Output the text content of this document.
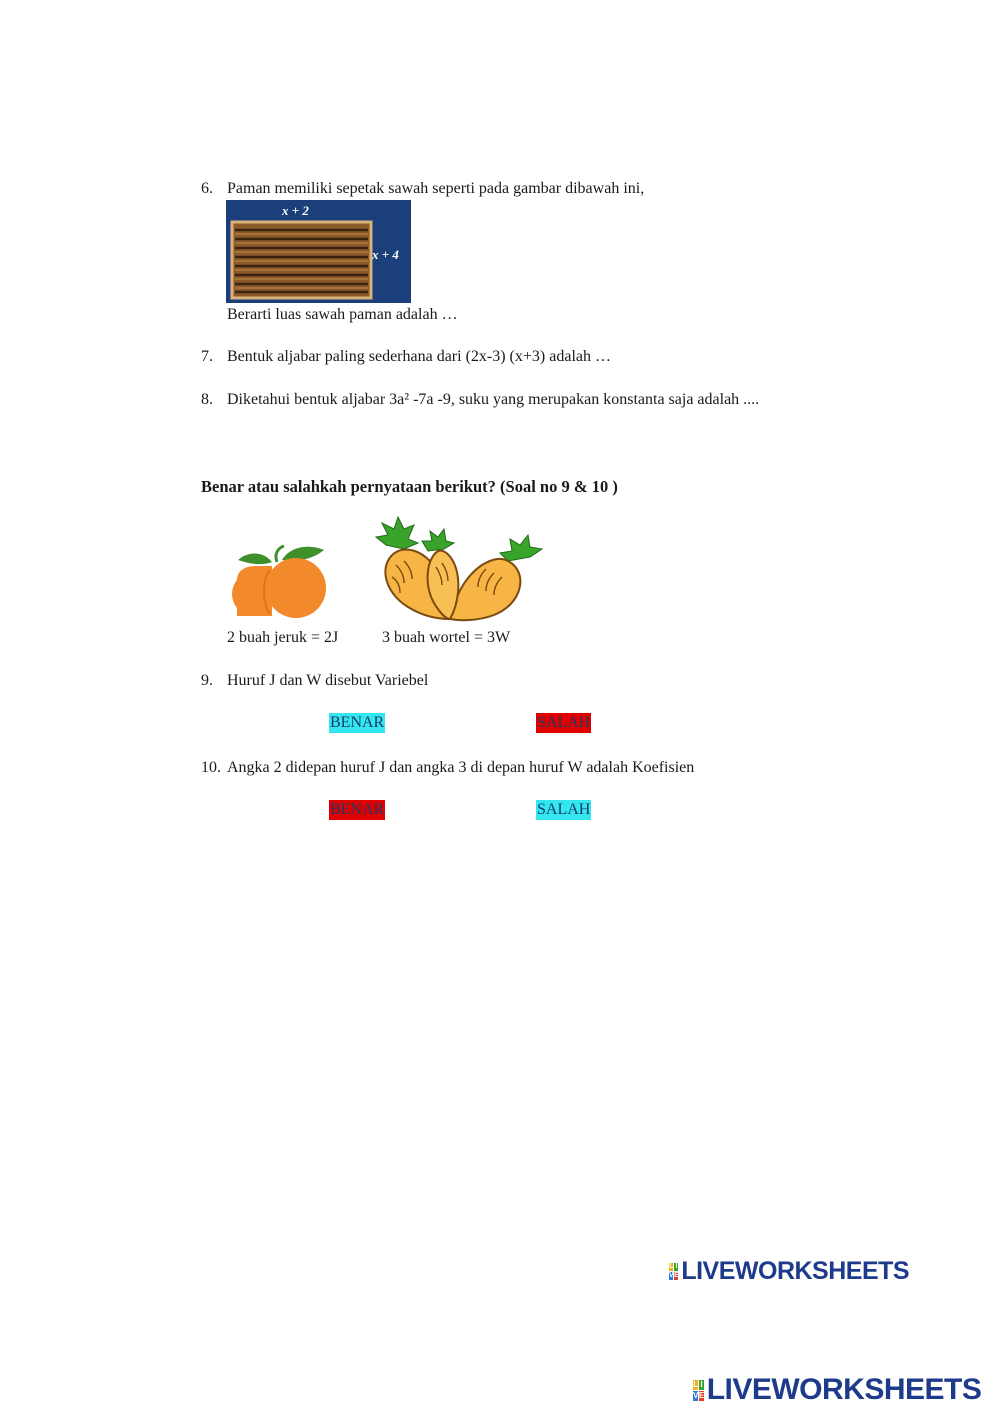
6. Paman memiliki sepetak sawah seperti pada gambar dibawah ini,
x + 2
x + 4
Berarti luas sawah paman adalah …
7. Bentuk aljabar paling sederhana dari (2x-3) (x+3) adalah …
8. Diketahui bentuk aljabar 3a² -7a -9, suku yang merupakan konstanta saja adalah ....
Benar atau salahkah pernyataan berikut? (Soal no 9 & 10 )
2 buah jeruk = 2J	3 buah wortel = 3W
9. Huruf J dan W disebut Variebel
BENAR	SALAH
10. Angka 2 didepan huruf J dan angka 3 di depan huruf W adalah Koefisien
BENAR	SALAH
L I
V E LIVEWORKSHEETS
L I
V E LIVEWORKSHEETS
